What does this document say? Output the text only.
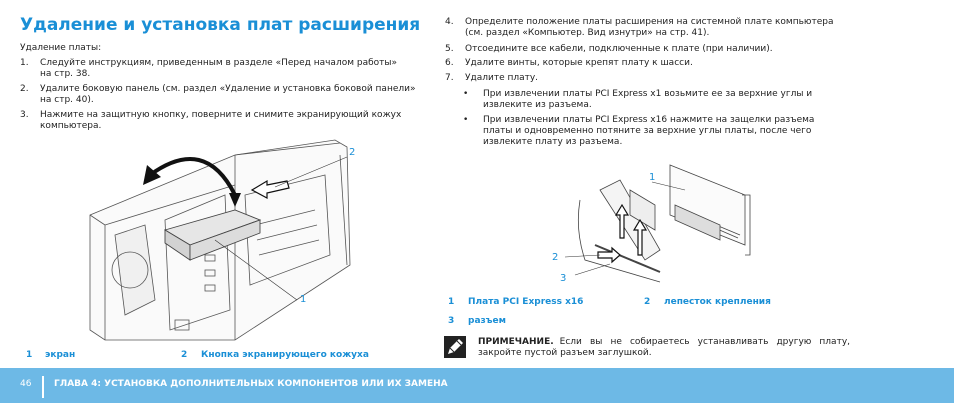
Удаление и установка плат расширения
Удаление платы:
1. Следуйте инструкциям, приведенным в разделе «Перед началом работы»
на стр. 38.
2. Удалите боковую панель (см. раздел «Удаление и установка боковой панели»
на стр. 40).
3. Нажмите на защитную кнопку, поверните и снимите экранирующий кожух
компьютера.
2
1
1 экран	2 Кнопка экранирующего кожуха
4. Определите положение платы расширения на системной плате компьютера
(см. раздел «Компьютер. Вид изнутри» на стр. 41).
5. Отсоедините все кабели, подключенные к плате (при наличии).
6. Удалите винты, которые крепят плату к шасси.
7. Удалите плату.
• При извлечении платы PCI Express x1 возьмите ее за верхние углы и
извлеките из разъема.
• При извлечении платы PCI Express x16 нажмите на защелки разъема
платы и одновременно потяните за верхние углы платы, после чего
извлеките плату из разъема.
1
2
3
1 Плата PCI Express x16	2 лепесток крепления
3 разъем
ПРИМЕЧАНИЕ. Если вы не собираетесь устанавливать другую плату,
закройте пустой разъем заглушкой.
46	ГЛАВА 4: УСТАНОВКА ДОПОЛНИТЕЛЬНЫХ КОМПОНЕНТОВ ИЛИ ИХ ЗАМЕНА
